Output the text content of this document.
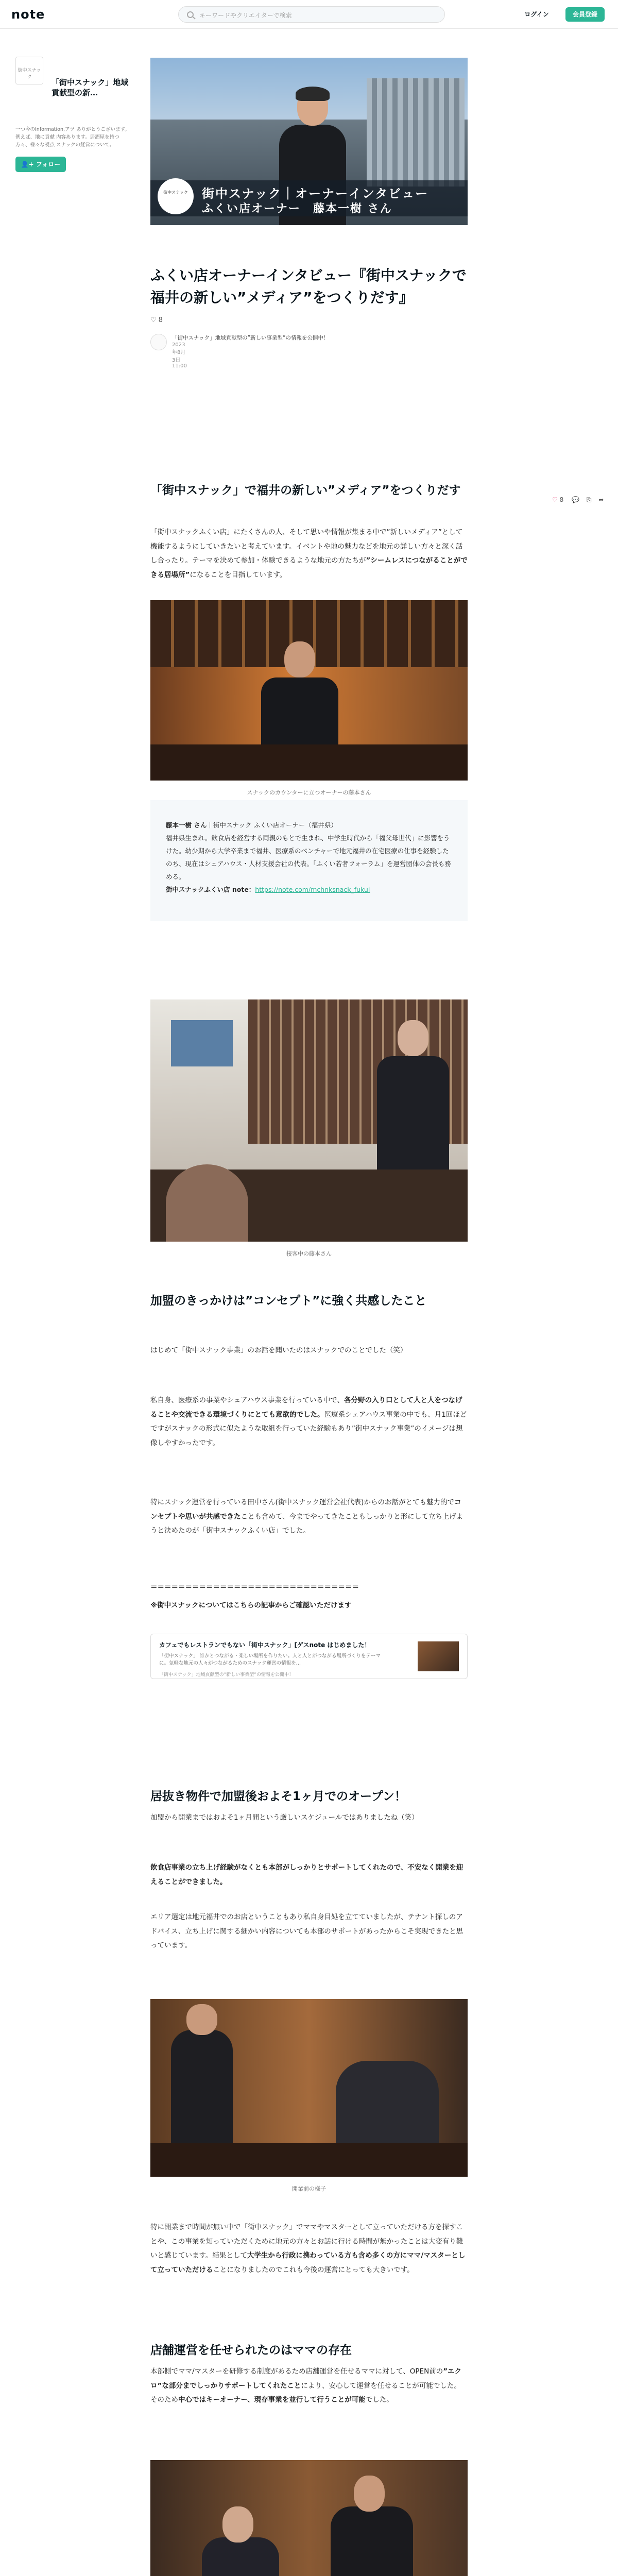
note	キーワードやクリエイターで検索	ログイン	会員登録
街中スナック
「街中スナック」地域貢献型の新…
一つ今のInformation,アツ ありがとうございます。例えば、地に貢献 内容あります。居酒屋を持つ方々、様々な視点 スナックの経営について。
👤+ フォロー
街中スナック	街中スナック｜オーナーインタビュー
ふくい店オーナー　藤本一樹 さん
ふくい店オーナーインタビュー『街中スナックで福井の新しい”メディア”をつくりだす』
♡ 8
「街中スナック」地域貢献型の”新しい事業型”の情報を公開中！
2023年8月3日 11:00
♡ 8 💬 ⎘ ➦
「街中スナック」で福井の新しい”メディア”をつくりだす
「街中スナックふくい店」にたくさんの人、そして思いや情報が集まる中で”新しいメディア”として機能するようにしていきたいと考えています。イベントや地の魅力などを地元の詳しい方々と深く話し合ったり。テーマを決めて参加・体験できるような地元の方たちが”シームレスにつながることができる居場所”になることを目指しています。
スナックのカウンターに立つオーナーの藤本さん
藤本一樹 さん｜街中スナック ふくい店オーナー（福井県）
福井県生まれ。飲食店を経営する両親のもとで生まれ、中学生時代から「福父母世代」に影響をうけた。幼少期から大学卒業まで福井、医療系のベンチャーで地元福井の在宅医療の仕事を経験したのち、現在はシェアハウス・人材支援会社の代表。「ふくい若者フォーラム」を運営団体の会長も務める。
街中スナックふくい店 note：https://note.com/mchnksnack_fukui
接客中の藤本さん
加盟のきっかけは”コンセプト”に強く共感したこと
はじめて「街中スナック事業」のお話を聞いたのはスナックでのことでした（笑）
私自身、医療系の事業やシェアハウス事業を行っている中で、各分野の入り口として人と人をつなげることや交流できる環境づくりにとても意欲的でした。医療系シェアハウス事業の中でも、月1回ほどですがスナックの形式に似たような取組を行っていた経験もあり”街中スナック事業”のイメージは想像しやすかったです。
特にスナック運営を行っている田中さん(街中スナック運営会社代表)からのお話がとても魅力的でコンセプトや思いが共感できたことも含めて、今までやってきたこともしっかりと形にして立ち上げようと決めたのが「街中スナックふくい店」でした。
＝＝＝＝＝＝＝＝＝＝＝＝＝＝＝＝＝＝＝＝＝＝＝＝＝＝＝＝＝＝
※街中スナックについてはこちらの記事からご確認いただけます
カフェでもレストランでもない「街中スナック」[ゲスnote はじめました！
「街中スナック」 誰かとつながる・楽しい場所を作りたい。人と人とがつながる場所づくりをテーマに。気軽な地元の人々がつながるためのスナック運営の情報を…
「街中スナック」地域貢献型の”新しい事業型”の情報を公開中！
居抜き物件で加盟後およそ1ヶ月でのオープン！
加盟から開業まではおよそ1ヶ月間という厳しいスケジュールではありましたね（笑）
飲食店事業の立ち上げ経験がなくとも本部がしっかりとサポートしてくれたので、不安なく開業を迎えることができました。
エリア選定は地元福井でのお店ということもあり私自身目処を立てていましたが、テナント探しのアドバイス、立ち上げに関する細かい内容についても本部のサポートがあったからこそ実現できたと思っています。
開業前の様子
特に開業まで時間が無い中で「街中スナック」でママやマスターとして立っていただける方を探すことや、この事業を知っていただくために地元の方々とお話に行ける時間が無かったことは大変有り難いと感じています。結果として大学生から行政に携わっている方も含め多くの方にママ/マスターとして立っていただけることになりましたのでこれも今後の運営にとっても大きいです。
店舗運営を任せられたのはママの存在
本部側でママ/マスターを研修する制度があるため店舗運営を任せるママに対して、OPEN前の”エクロ”な部分までしっかりサポートしてくれたことにより、安心して運営を任せることが可能でした。そのため中心ではキーオーナー、現存事業を並行して行うことが可能でした。
